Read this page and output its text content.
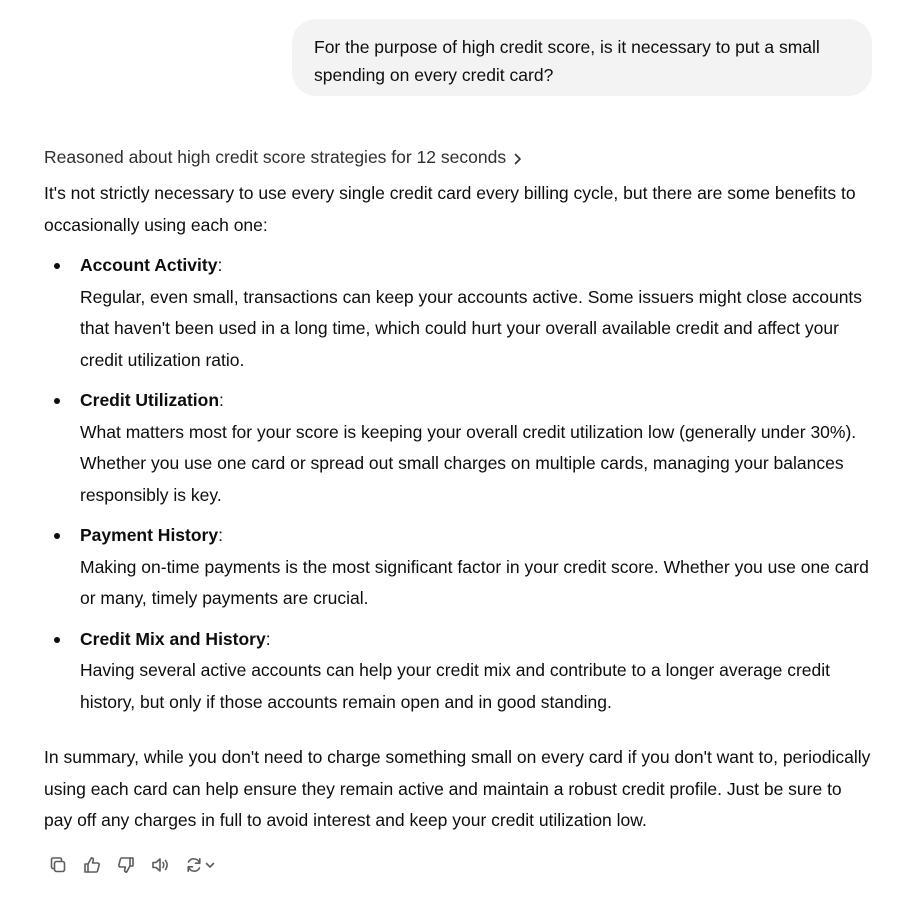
For the purpose of high credit score, is it necessary to put a small
spending on every credit card?
Reasoned about high credit score strategies for 12 seconds

It's not strictly necessary to use every single credit card every billing cycle, but there are some benefits to occasionally using each one:

Account Activity:
Regular, even small, transactions can keep your accounts active. Some issuers might close accounts that haven't been used in a long time, which could hurt your overall available credit and affect your credit utilization ratio.
Credit Utilization:
What matters most for your score is keeping your overall credit utilization low (generally under 30%). Whether you use one card or spread out small charges on multiple cards, managing your balances responsibly is key.
Payment History:
Making on-time payments is the most significant factor in your credit score. Whether you use one card or many, timely payments are crucial.
Credit Mix and History:
Having several active accounts can help your credit mix and contribute to a longer average credit history, but only if those accounts remain open and in good standing.

In summary, while you don't need to charge something small on every card if you don't want to, periodically using each card can help ensure they remain active and maintain a robust credit profile. Just be sure to pay off any charges in full to avoid interest and keep your credit utilization low.
